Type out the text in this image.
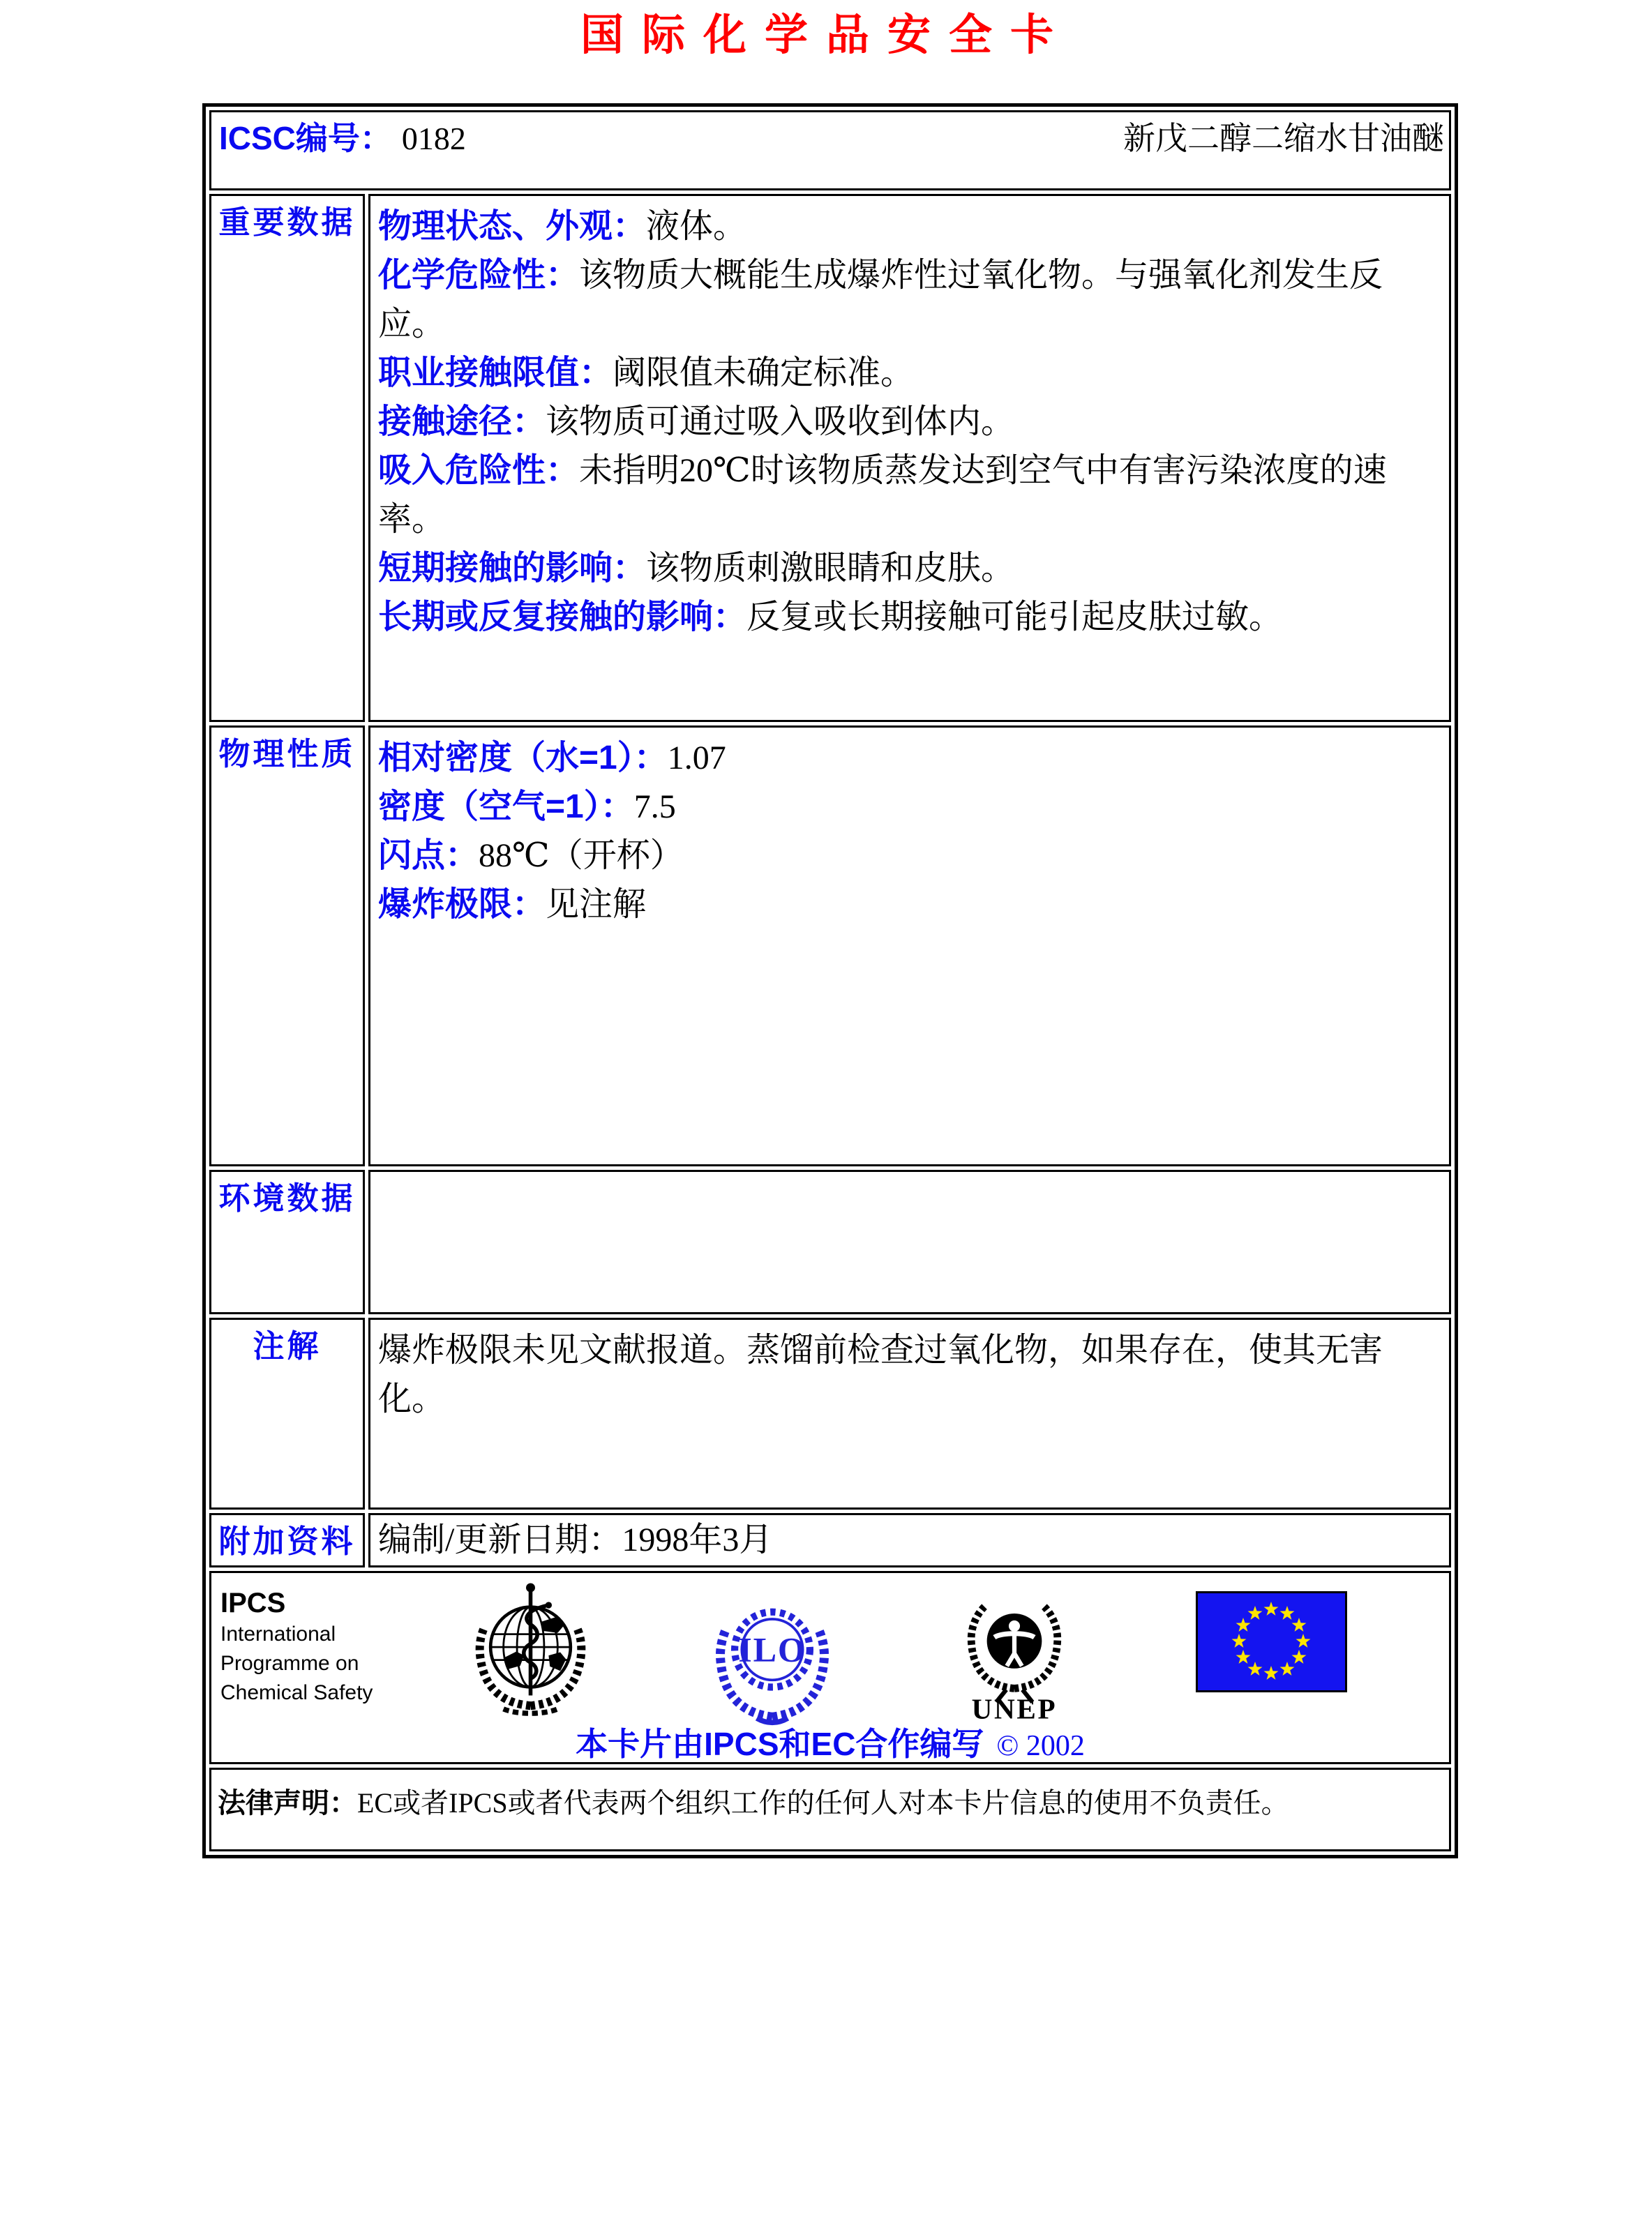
国际化学品安全卡
ICSC编号： 0182 新戊二醇二缩水甘油醚	

重要数据	物理状态、外观：液体。
化学危险性：该物质大概能生成爆炸性过氧化物。与强氧化剂发生反应。
职业接触限值：阈限值未确定标准。
接触途径：该物质可通过吸入吸收到体内。
吸入危险性：未指明20℃时该物质蒸发达到空气中有害污染浓度的速率。
短期接触的影响：该物质刺激眼睛和皮肤。
长期或反复接触的影响：反复或长期接触可能引起皮肤过敏。

物理性质	相对密度（水=1）：1.07
密度（空气=1）：7.5
闪点：88℃（开杯）
爆炸极限：见注解

环境数据	

注解	爆炸极限未见文献报道。蒸馏前检查过氧化物，如果存在，使其无害化。

附加资料	编制/更新日期：1998年3月

IPCS
International
Programme on
Chemical Safety
ILO
UNEP
本卡片由IPCS和EC合作编写 © 2002

法律声明：EC或者IPCS或者代表两个组织工作的任何人对本卡片信息的使用不负责任。	
